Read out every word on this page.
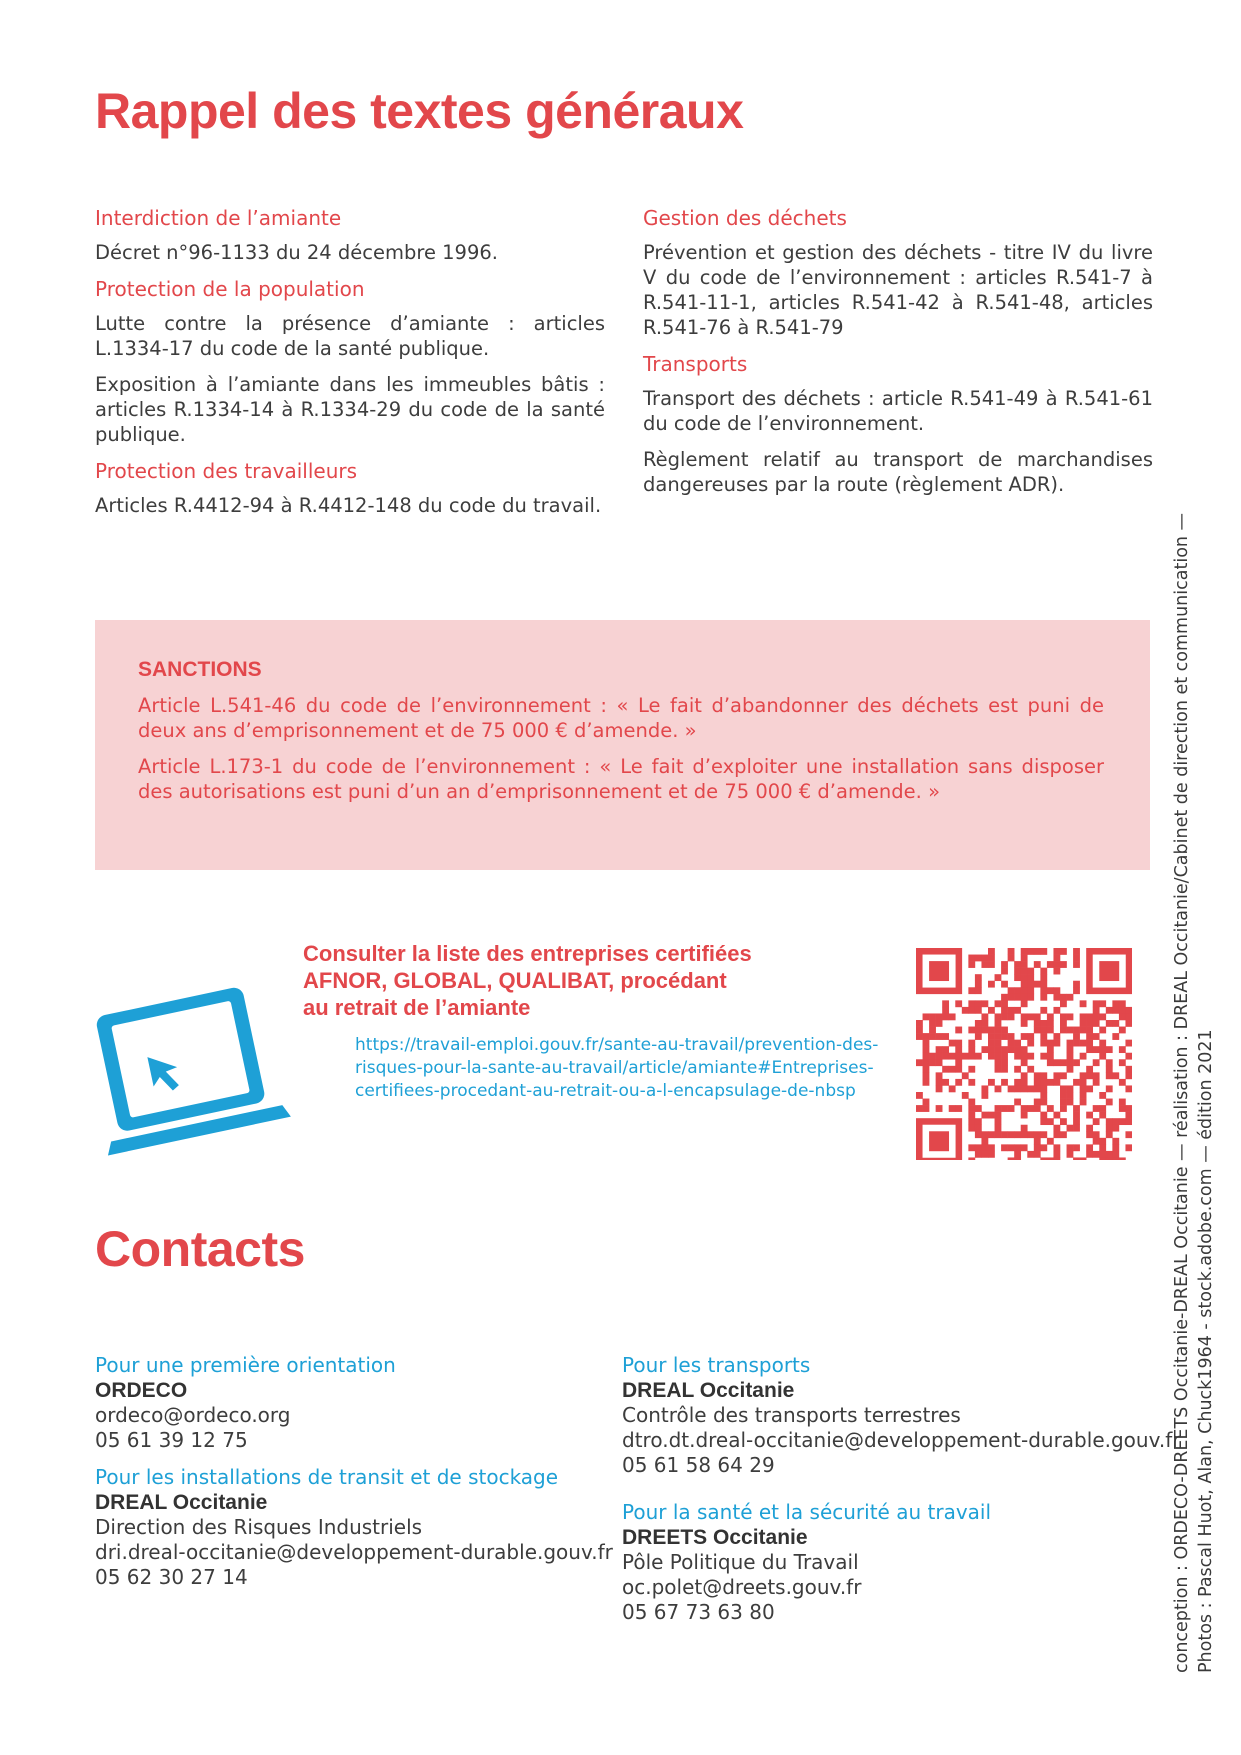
Rappel des textes généraux
Interdiction de l’amiante

Décret n°96-1133 du 24 décembre 1996.

Protection de la population

Lutte contre la présence d’amiante : articles L.1334-17 du code de la santé publique.

Exposition à l’amiante dans les immeubles bâtis : articles R.1334-14 à R.1334-29 du code de la santé publique.

Protection des travailleurs

Articles R.4412-94 à R.4412-148 du code du travail.

Gestion des déchets

Prévention et gestion des déchets - titre IV du livre V du code de l’environnement : articles R.541-7 à R.541-11-1, articles R.541-42 à R.541-48, articles R.541-76 à R.541-79

Transports

Transport des déchets : article R.541-49 à R.541-61 du code de l’environnement.

Règlement relatif au transport de marchandises dangereuses par la route (règlement ADR).

SANCTIONS

Article L.541-46 du code de l’environnement : « Le fait d’abandonner des déchets est puni de deux ans d’emprisonnement et de 75 000 € d’amende. »

Article L.173-1 du code de l’environnement : « Le fait d’exploiter une installation sans disposer des autorisations est puni d’un an d’emprisonnement et de 75 000 € d’amende. »

Consulter la liste des entreprises certifiées
AFNOR, GLOBAL, QUALIBAT, procédant
au retrait de l’amiante
https://travail-emploi.gouv.fr/sante-au-travail/prevention-des-risques-pour-la-sante-au-travail/article/amiante#Entreprises-certifiees-procedant-au-retrait-ou-a-l-encapsulage-de-nbsp
Contacts
Pour une première orientation
ORDECO
ordeco@ordeco.org
05 61 39 12 75
Pour les installations de transit et de stockage
DREAL Occitanie
Direction des Risques Industriels
dri.dreal-occitanie@developpement-durable.gouv.fr
05 62 30 27 14
Pour les transports
DREAL Occitanie
Contrôle des transports terrestres
dtro.dt.dreal-occitanie@developpement-durable.gouv.fr
05 61 58 64 29
Pour la santé et la sécurité au travail
DREETS Occitanie
Pôle Politique du Travail
oc.polet@dreets.gouv.fr
05 67 73 63 80	conception : ORDECO-DREETS Occitanie-DREAL Occitanie — réalisation : DREAL Occitanie/Cabinet de direction et communication — Photos : Pascal Huot, Alan, Chuck1964 - stock.adobe.com — édition 2021
